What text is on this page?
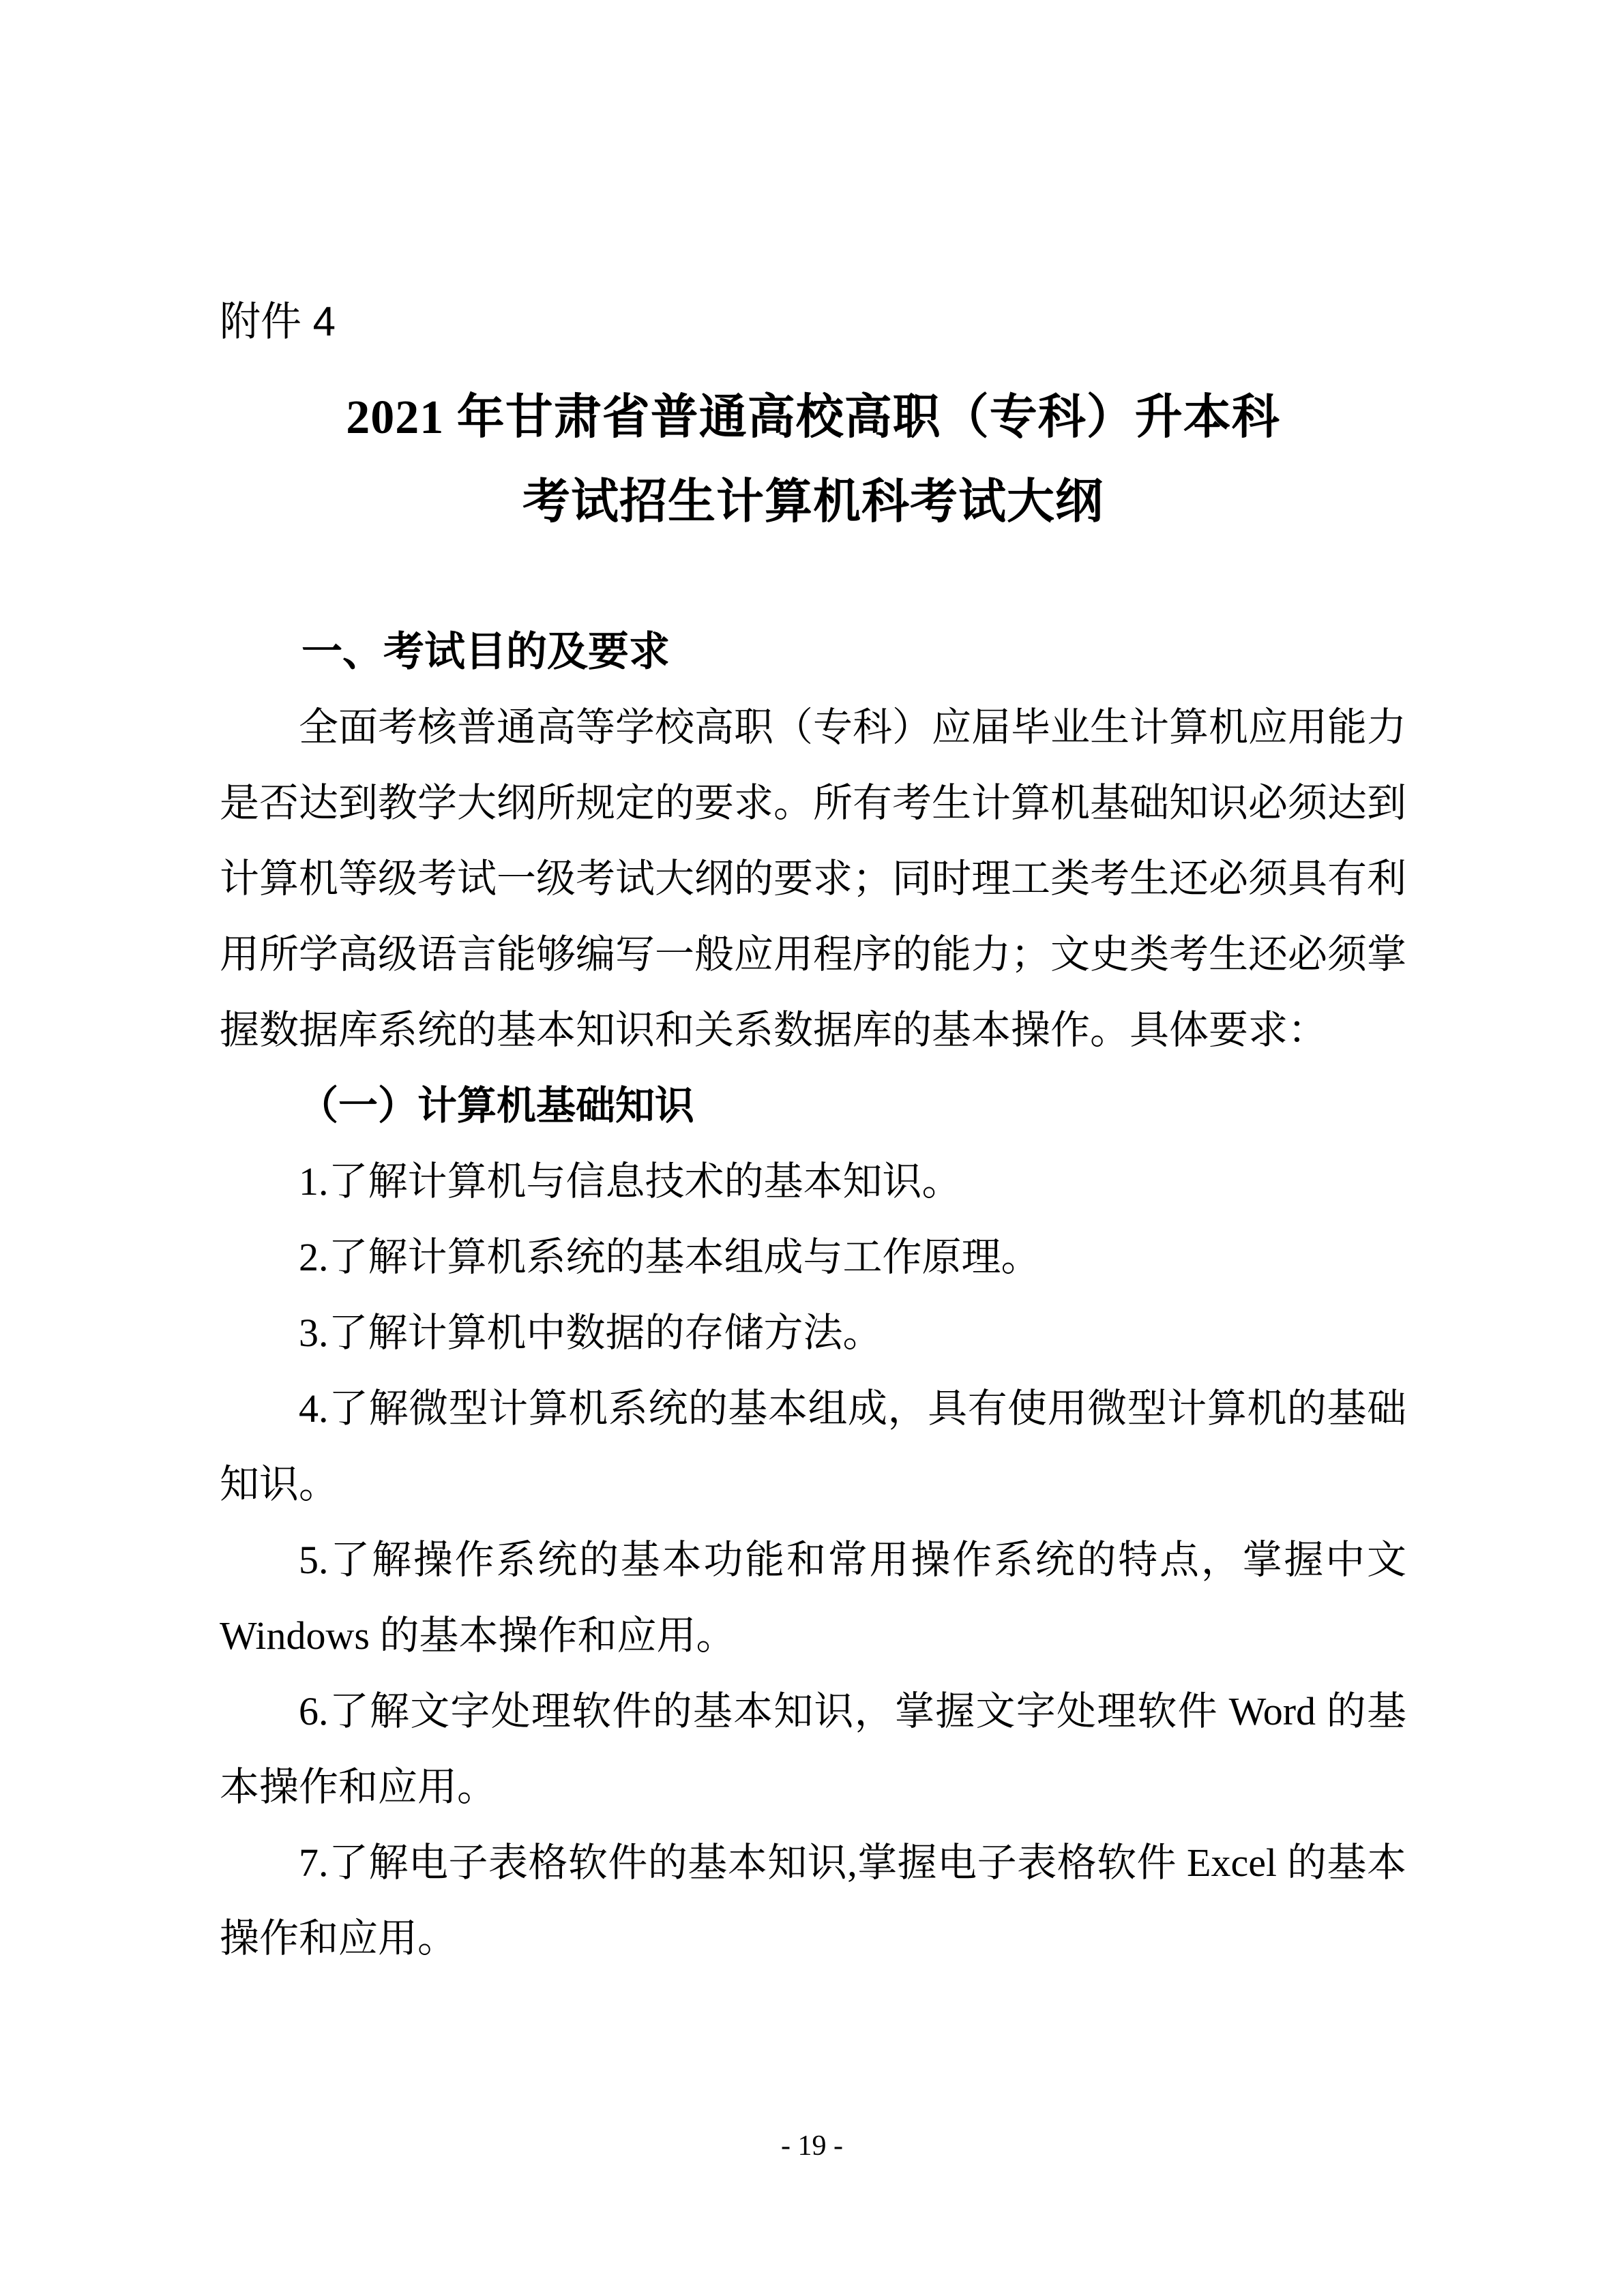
附件 4
2021 年甘肃省普通高校高职（专科）升本科
考试招生计算机科考试大纲
一、考试目的及要求

全面考核普通高等学校高职（专科）应届毕业生计算机应用能力是否达到教学大纲所规定的要求。所有考生计算机基础知识必须达到计算机等级考试一级考试大纲的要求；同时理工类考生还必须具有利用所学高级语言能够编写一般应用程序的能力；文史类考生还必须掌握数据库系统的基本知识和关系数据库的基本操作。具体要求：

（一）计算机基础知识

1.了解计算机与信息技术的基本知识。

2.了解计算机系统的基本组成与工作原理。

3.了解计算机中数据的存储方法。

4.了解微型计算机系统的基本组成，具有使用微型计算机的基础知识。

5.了解操作系统的基本功能和常用操作系统的特点，掌握中文 Windows 的基本操作和应用。

6.了解文字处理软件的基本知识，掌握文字处理软件 Word 的基本操作和应用。

7.了解电子表格软件的基本知识,掌握电子表格软件 Excel 的基本操作和应用。

- 19 -
